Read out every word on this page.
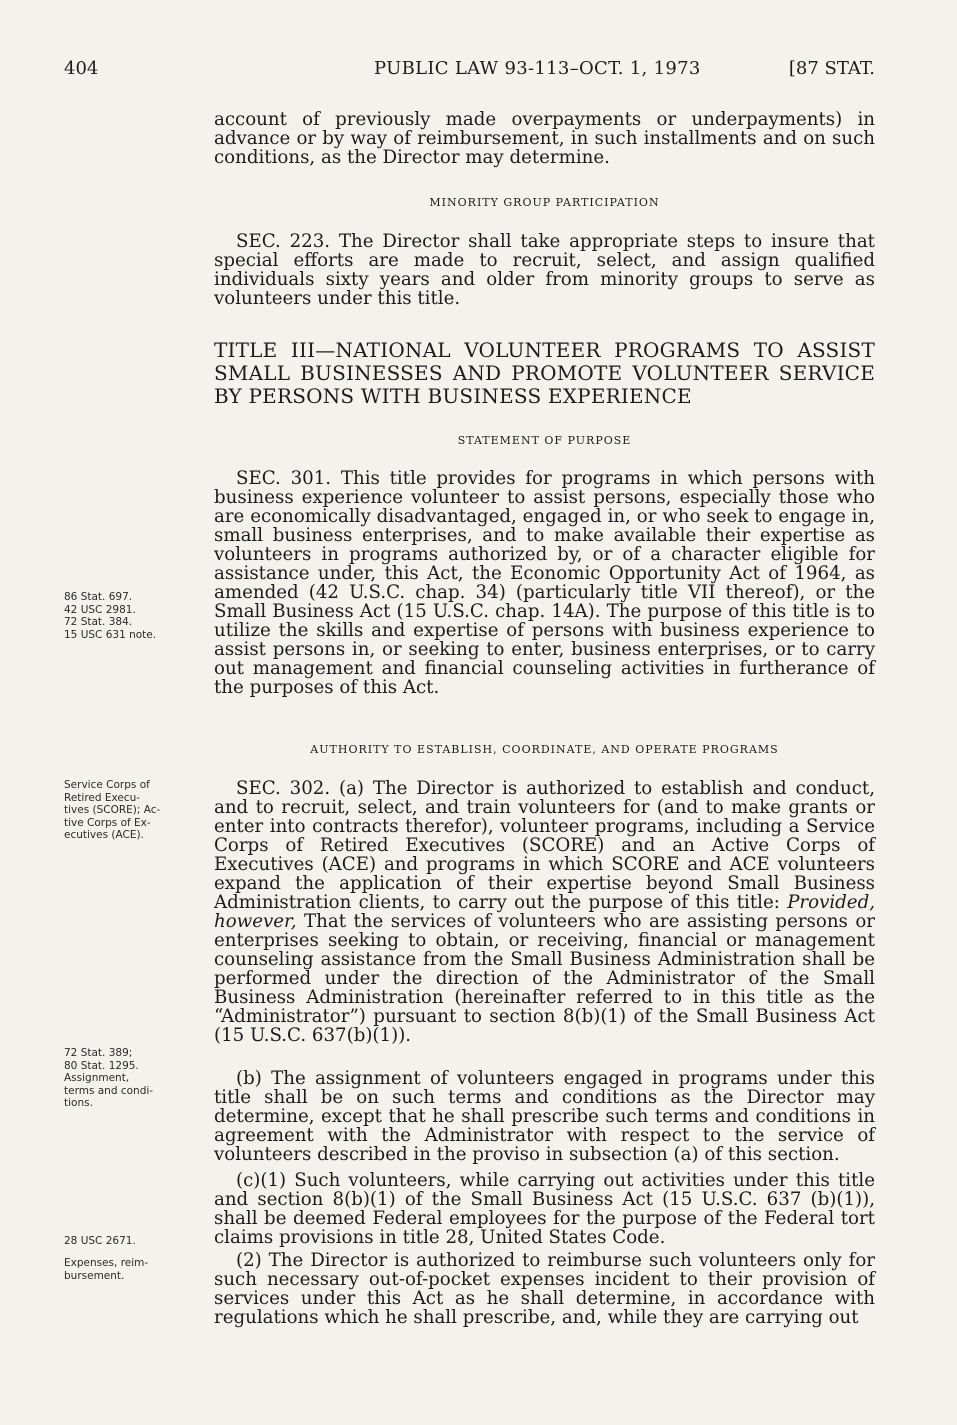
404	PUBLIC LAW 93-113–OCT. 1, 1973	[87 STAT.

account of previously made overpayments or underpayments) in advance or by way of reimbursement, in such installments and on such conditions, as the Director may determine.

MINORITY GROUP PARTICIPATION

SEC. 223. The Director shall take appropriate steps to insure that special efforts are made to recruit, select, and assign qualified individuals sixty years and older from minority groups to serve as volunteers under this title.

TITLE III—NATIONAL VOLUNTEER PROGRAMS TO ASSIST SMALL BUSINESSES AND PROMOTE VOLUNTEER SERVICE BY PERSONS WITH BUSINESS EXPERIENCE
STATEMENT OF PURPOSE

SEC. 301. This title provides for programs in which persons with business experience volunteer to assist persons, especially those who are economically disadvantaged, engaged in, or who seek to engage in, small business enterprises, and to make available their expertise as volunteers in programs authorized by, or of a character eligible for assistance under, this Act, the Economic Opportunity Act of 1964, as amended (42 U.S.C. chap. 34) (particularly title VII thereof), or the Small Business Act (15 U.S.C. chap. 14A). The purpose of this title is to utilize the skills and expertise of persons with business experience to assist persons in, or seeking to enter, business enterprises, or to carry out management and financial counseling activities in furtherance of the purposes of this Act.

AUTHORITY TO ESTABLISH, COORDINATE, AND OPERATE PROGRAMS

SEC. 302. (a) The Director is authorized to establish and conduct, and to recruit, select, and train volunteers for (and to make grants or enter into contracts therefor), volunteer programs, including a Service Corps of Retired Executives (SCORE) and an Active Corps of Executives (ACE) and programs in which SCORE and ACE volunteers expand the application of their expertise beyond Small Business Administration clients, to carry out the purpose of this title: Provided, however, That the services of volunteers who are assisting persons or enterprises seeking to obtain, or receiving, financial or management counseling assistance from the Small Business Administration shall be performed under the direction of the Administrator of the Small Business Administration (hereinafter referred to in this title as the “Administrator”) pursuant to section 8(b)(1) of the Small Business Act (15 U.S.C. 637(b)(1)).

(b) The assignment of volunteers engaged in programs under this title shall be on such terms and conditions as the Director may determine, except that he shall prescribe such terms and conditions in agreement with the Administrator with respect to the service of volunteers described in the proviso in subsection (a) of this section.

(c)(1) Such volunteers, while carrying out activities under this title and section 8(b)(1) of the Small Business Act (15 U.S.C. 637 (b)(1)), shall be deemed Federal employees for the purpose of the Federal tort claims provisions in title 28, United States Code.

(2) The Director is authorized to reimburse such volunteers only for such necessary out-of-pocket expenses incident to their provision of services under this Act as he shall determine, in accordance with regulations which he shall prescribe, and, while they are carrying out

86 Stat. 697.
42 USC 2981.
72 Stat. 384.
15 USC 631 note.
Service Corps of
Retired Execu-
tives (SCORE); Ac-
tive Corps of Ex-
ecutives (ACE).
72 Stat. 389;
80 Stat. 1295.
Assignment,
terms and condi-
tions.
28 USC 2671.
Expenses, reim-
bursement.
